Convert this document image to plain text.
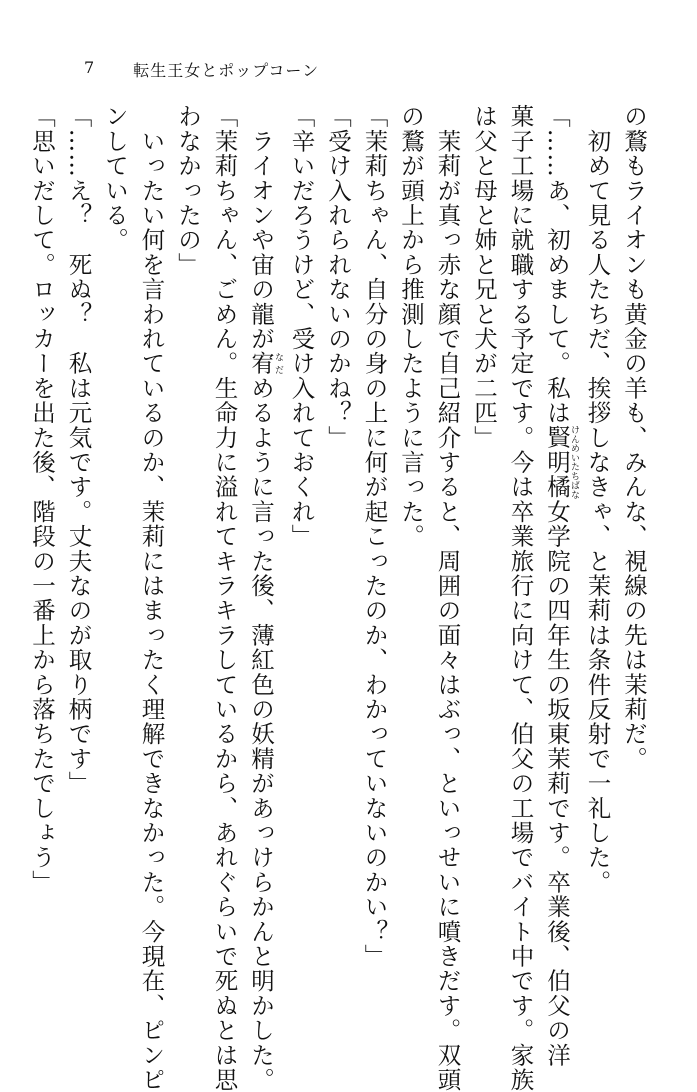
7 転生王女とポップコーン

の鶩もライオンも黄金の羊も、みんな、視線の先は茉莉だ。

　初めて見る人たちだ、挨拶しなきゃ、と茉莉は条件反射で一礼した。

「……あ、初めまして。私は賢明橘けんめいたちばな女学院の四年生の坂東茉莉です。卒業後、伯父の洋

菓子工場に就職する予定です。今は卒業旅行に向けて、伯父の工場でバイト中です。家族

は父と母と姉と兄と犬が二匹」

　茉莉が真っ赤な顔で自己紹介すると、周囲の面々はぶっ、といっせいに噴きだす。双頭

の鶩が頭上から推測したように言った。

「茉莉ちゃん、自分の身の上に何が起こったのか、わかっていないのかい？」

「受け入れられないのかね？」

「辛いだろうけど、受け入れておくれ」

　ライオンや宙の龍が宥なだめるように言った後、薄紅色の妖精があっけらかんと明かした。

「茉莉ちゃん、ごめん。生命力に溢れてキラキラしているから、あれぐらいで死ぬとは思

わなかったの」

　いったい何を言われているのか、茉莉にはまったく理解できなかった。今現在、ピンピ

ンしている。

「……え？　死ぬ？　私は元気です。丈夫なのが取り柄です」

「思いだして。ロッカーを出た後、階段の一番上から落ちたでしょう」
